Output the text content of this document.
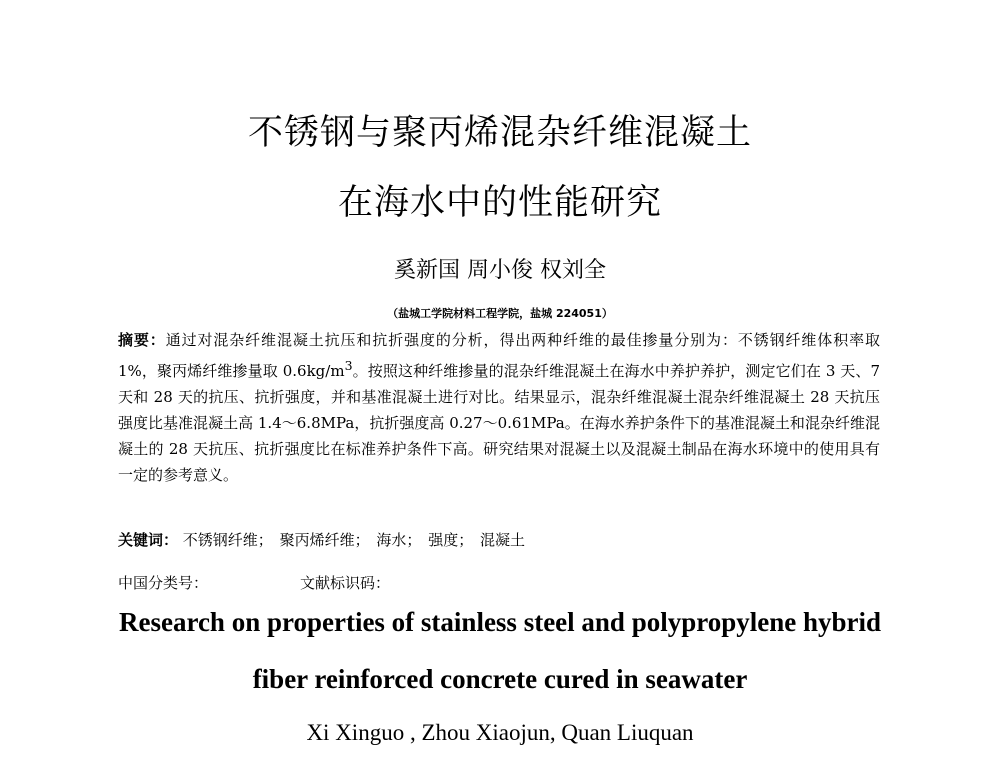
不锈钢与聚丙烯混杂纤维混凝土
在海水中的性能研究
奚新国 周小俊 权刘全
（盐城工学院材料工程学院，盐城 224051）
摘要：通过对混杂纤维混凝土抗压和抗折强度的分析，得出两种纤维的最佳掺量分别为：不锈钢纤维体积率取 1%，聚丙烯纤维掺量取 $0.6kg/m^3$。按照这种纤维掺量的混杂纤维混凝土在海水中养护养护，测定它们在 3 天、7 天和 28 天的抗压、抗折强度，并和基准混凝土进行对比。结果显示，混杂纤维混凝土混杂纤维混凝土 28 天抗压强度比基准混凝土高 1.4～6.8MPa，抗折强度高 0.27～0.61MPa。在海水养护条件下的基准混凝土和混杂纤维混凝土的 28 天抗压、抗折强度比在标准养护条件下高。研究结果对混凝土以及混凝土制品在海水环境中的使用具有一定的参考意义。
关键词： 不锈钢纤维； 聚丙烯纤维； 海水； 强度； 混凝土
中国分类号：	文献标识码：
Research on properties of stainless steel and polypropylene hybrid
fiber reinforced concrete cured in seawater
Xi Xinguo , Zhou Xiaojun, Quan Liuquan
